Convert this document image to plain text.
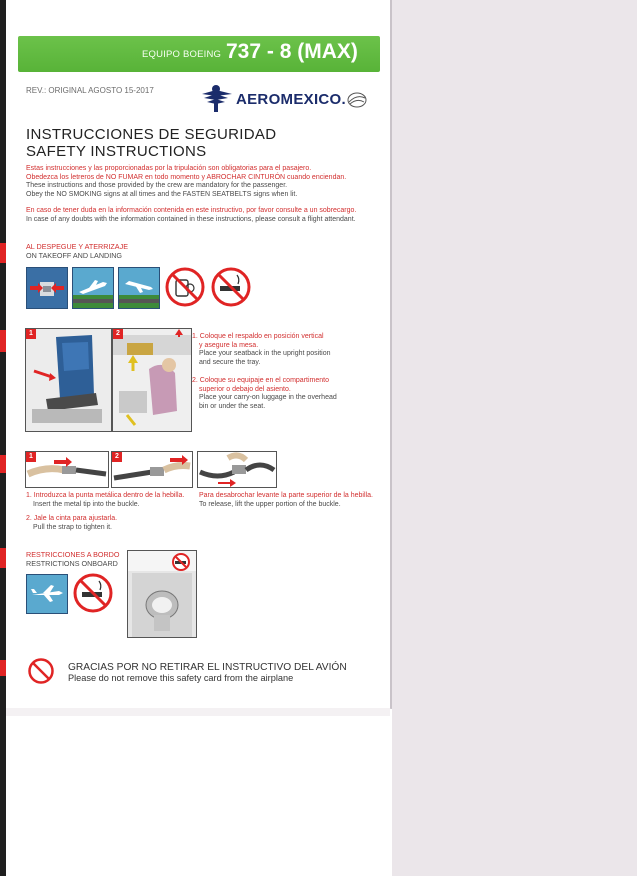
EQUIPO BOEING 737 - 8 (MAX)
REV.: ORIGINAL AGOSTO 15-2017
AEROMEXICO.
INSTRUCCIONES DE SEGURIDAD
SAFETY INSTRUCTIONS
Estas instrucciones y las proporcionadas por la tripulación son obligatorias para el pasajero.
Obedezca los letreros de NO FUMAR en todo momento y ABROCHAR CINTURÓN cuando enciendan.
These instructions and those provided by the crew are mandatory for the passenger.
Obey the NO SMOKING signs at all times and the FASTEN SEATBELTS signs when lit.
En caso de tener duda en la información contenida en este instructivo, por favor consulte a un sobrecargo.
In case of any doubts with the information contained in these instructions, please consult a flight attendant.
AL DESPEGUE Y ATERRIZAJE
ON TAKEOFF AND LANDING
1	2	1. Coloque el respaldo en posición vertical
y asegure la mesa.
Place your seatback in the upright position
and secure the tray.
2. Coloque su equipaje en el compartimento
superior o debajo del asiento.
Place your carry-on luggage in the overhead
bin or under the seat.
1	2
1. Introduzca la punta metálica dentro de la hebilla.
Insert the metal tip into the buckle.
2. Jale la cinta para ajustarla.
Pull the strap to tighten it.
Para desabrochar levante la parte superior de la hebilla.
To release, lift the upper portion of the buckle.
RESTRICCIONES A BORDO
RESTRICTIONS ONBOARD
GRACIAS POR NO RETIRAR EL INSTRUCTIVO DEL AVIÓN
Please do not remove this safety card from the airplane
